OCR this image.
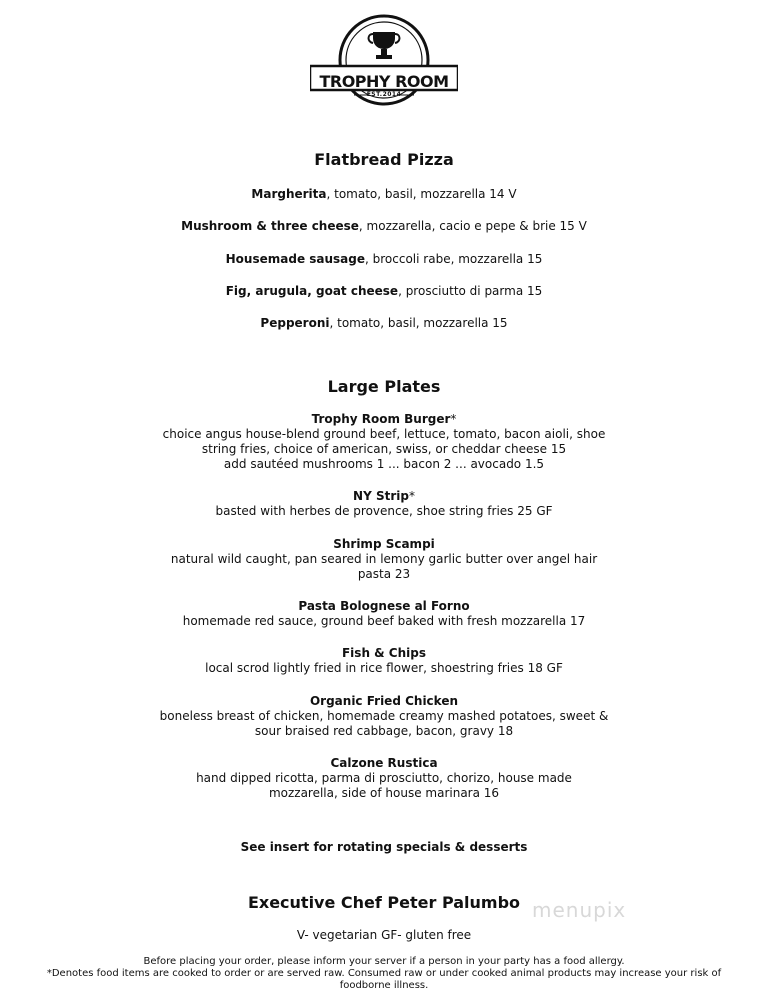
TROPHY ROOM
EST.2014
Flatbread Pizza
Margherita, tomato, basil, mozzarella 14 V
Mushroom & three cheese, mozzarella, cacio e pepe & brie 15 V
Housemade sausage, broccoli rabe, mozzarella 15
Fig, arugula, goat cheese, prosciutto di parma 15
Pepperoni, tomato, basil, mozzarella 15
Large Plates
Trophy Room Burger*
choice angus house-blend ground beef, lettuce, tomato, bacon aioli, shoe
string fries, choice of american, swiss, or cheddar cheese 15
add sautéed mushrooms 1 ... bacon 2 ... avocado 1.5
NY Strip*
basted with herbes de provence, shoe string fries 25 GF
Shrimp Scampi
natural wild caught, pan seared in lemony garlic butter over angel hair
pasta 23
Pasta Bolognese al Forno
homemade red sauce, ground beef baked with fresh mozzarella 17
Fish & Chips
local scrod lightly fried in rice flower, shoestring fries 18 GF
Organic Fried Chicken
boneless breast of chicken, homemade creamy mashed potatoes, sweet &
sour braised red cabbage, bacon, gravy 18
Calzone Rustica
hand dipped ricotta, parma di prosciutto, chorizo, house made
mozzarella, side of house marinara 16
See insert for rotating specials & desserts
Executive Chef Peter Palumbo
V- vegetarian GF- gluten free
Before placing your order, please inform your server if a person in your party has a food allergy.
*Denotes food items are cooked to order or are served raw. Consumed raw or under cooked animal products may increase your risk of
foodborne illness.
menupix
